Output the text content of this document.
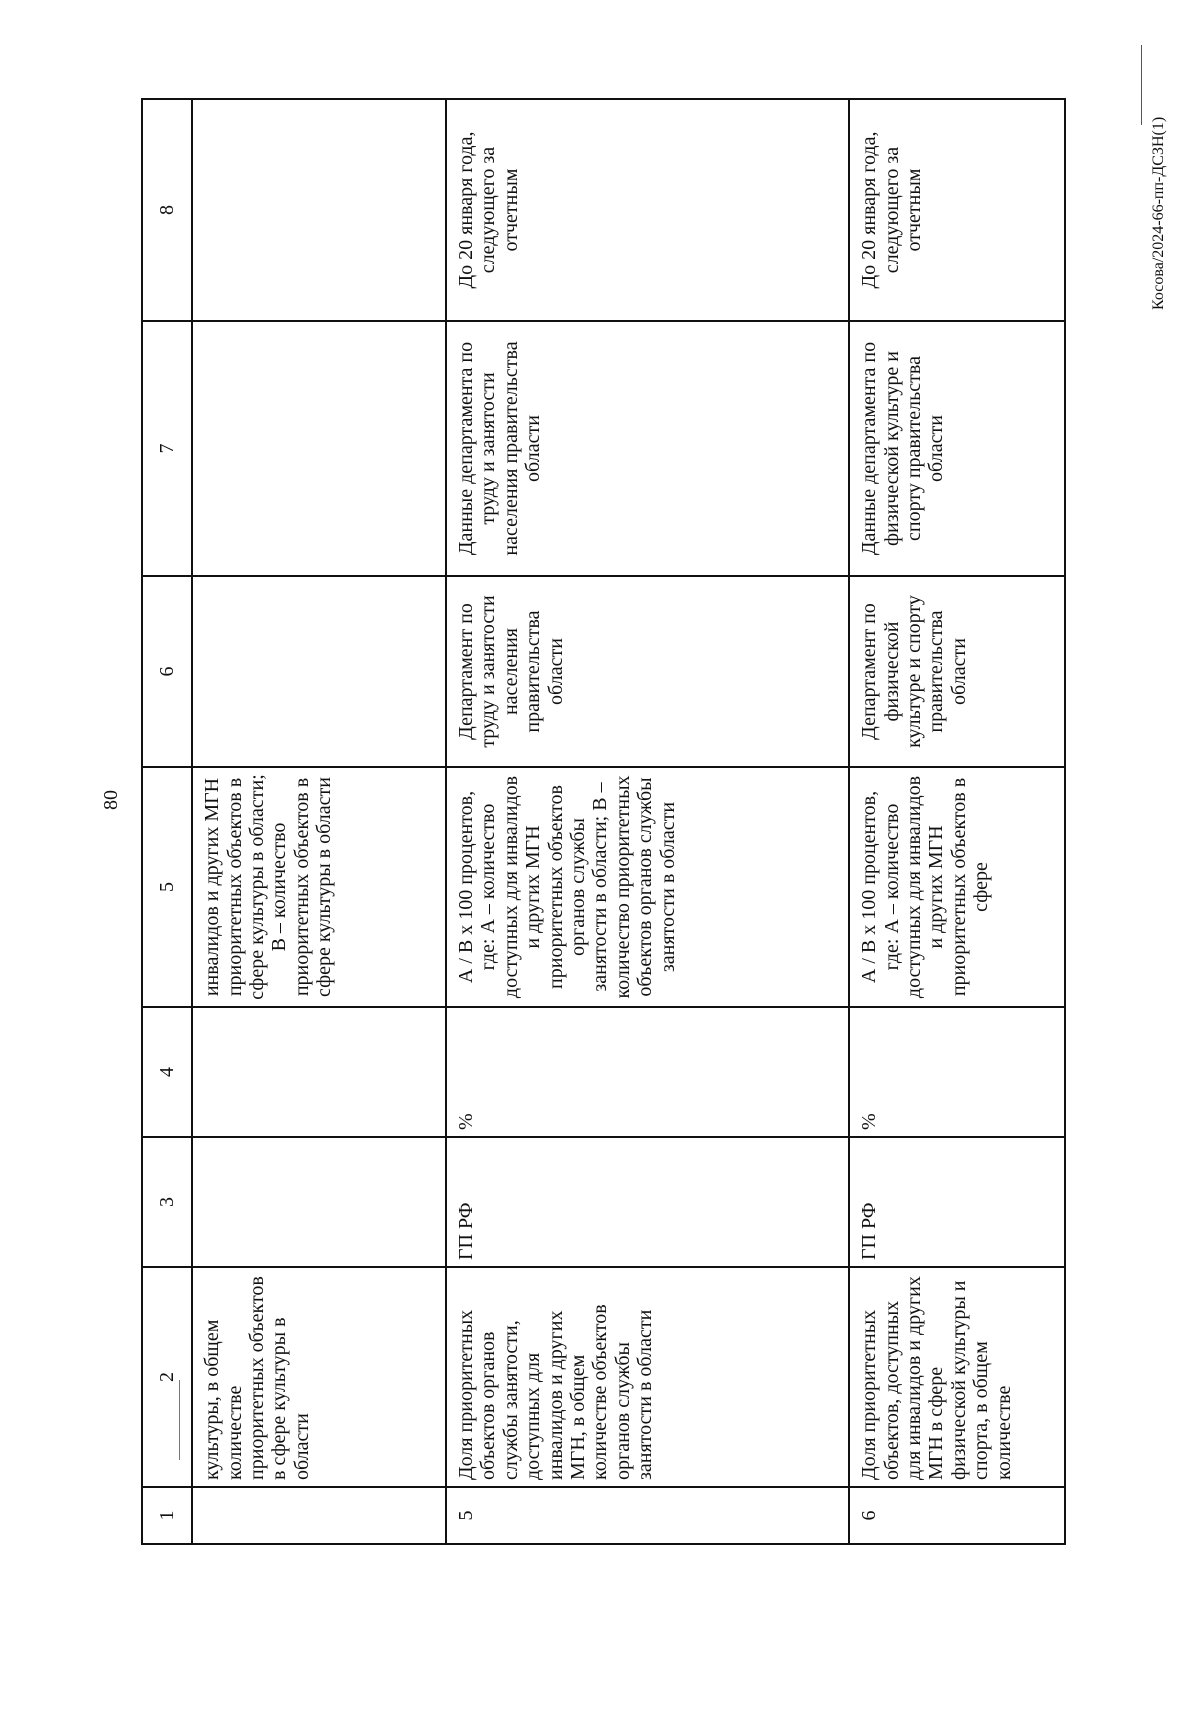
80
Косова/2024-66-пп-ДСЗН(1)
1	2	3	4	5	6	7	8
	культуры, в общем количестве приоритетных объектов в сфере культуры в области			инвалидов и других МГН приоритетных объектов в сфере культуры в области; В – количество приоритетных объектов в сфере культуры в области			
5	Доля приоритетных объектов органов службы занятости, доступных для инвалидов и других МГН, в общем количестве объектов органов службы занятости в области	ГП РФ	%	А / В х 100 процентов, где: А – количество доступных для инвалидов и других МГН приоритетных объектов органов службы занятости в области; В – количество приоритетных объектов органов службы занятости в области	Департамент по труду и занятости населения правительства области	Данные департамента по труду и занятости населения правительства области	До 20 января года, следующего за отчетным
6	Доля приоритетных объектов, доступных для инвалидов и других МГН в сфере физической культуры и спорта, в общем количестве	ГП РФ	%	А / В х 100 процентов, где: А – количество доступных для инвалидов и других МГН приоритетных объектов в сфере	Департамент по физической культуре и спорту правительства области	Данные департамента по физической культуре и спорту правительства области	До 20 января года, следующего за отчетным
